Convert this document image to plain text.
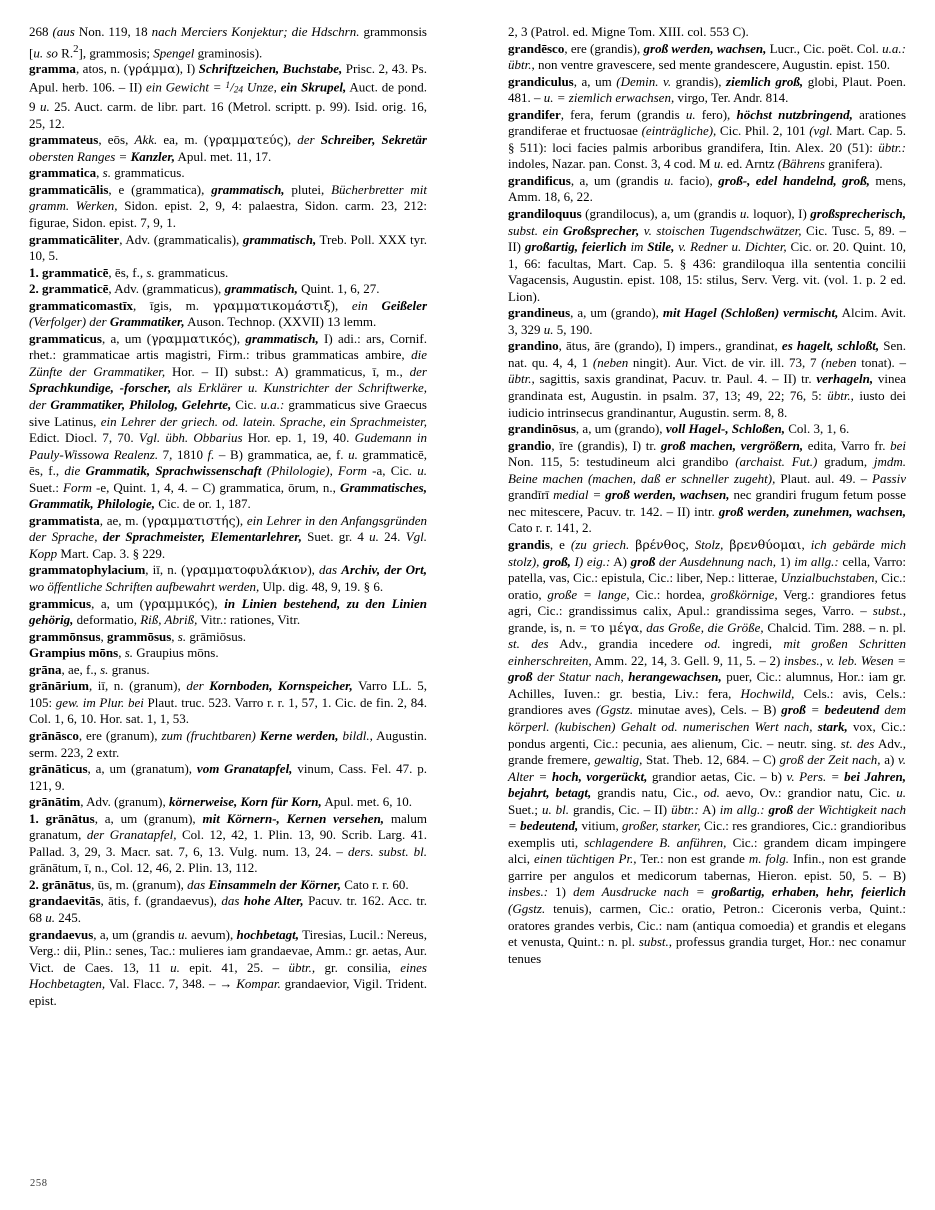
268 (aus Non. 119, 18 nach Merciers Konjektur; die Hdschrn. grammonsis [u. so R.$^2$], grammosis; Spengel graminosis).

gramma, atos, n. (γράμμα), I) Schriftzeichen, Buchstabe, Prisc. 2, 43. Ps. Apul. herb. 106. – II) ein Gewicht = $^1/_{24}$ Unze, ein Skrupel, Auct. de pond. 9 u. 25. Auct. carm. de libr. part. 16 (Metrol. scriptt. p. 99). Isid. orig. 16, 25, 12.

grammateus, eōs, Akk. ea, m. (γραμματεύς), der Schreiber, Sekretär obersten Ranges = Kanzler, Apul. met. 11, 17.

grammatica, s. grammaticus.

grammaticālis, e (grammatica), grammatisch, plutei, Bücherbretter mit gramm. Werken, Sidon. epist. 2, 9, 4: palaestra, Sidon. carm. 23, 212: figurae, Sidon. epist. 7, 9, 1.

grammaticāliter, Adv. (grammaticalis), grammatisch, Treb. Poll. XXX tyr. 10, 5.

1. grammaticē, ēs, f., s. grammaticus.

2. grammaticē, Adv. (grammaticus), grammatisch, Quint. 1, 6, 27.

grammaticomastīx, īgis, m. γραμματικομάστιξ), ein Geißeler (Verfolger) der Grammatiker, Auson. Technop. (XXVII) 13 lemm.

grammaticus, a, um (γραμματικός), grammatisch, I) adi.: ars, Cornif. rhet.: grammaticae artis magistri, Firm.: tribus grammaticas ambire, die Zünfte der Grammatiker, Hor. – II) subst.: A) grammaticus, ī, m., der Sprachkundige, -forscher, als Erklärer u. Kunstrichter der Schriftwerke, der Grammatiker, Philolog, Gelehrte, Cic. u.a.: grammaticus sive Graecus sive Latinus, ein Lehrer der griech. od. latein. Sprache, ein Sprachmeister, Edict. Diocl. 7, 70. Vgl. übh. Obbarius Hor. ep. 1, 19, 40. Gudemann in Pauly-Wissowa Realenz. 7, 1810 f. – B) grammatica, ae, f. u. grammaticē, ēs, f., die Grammatik, Sprachwissenschaft (Philologie), Form -a, Cic. u. Suet.: Form -e, Quint. 1, 4, 4. – C) grammatica, ōrum, n., Grammatisches, Grammatik, Philologie, Cic. de or. 1, 187.

grammatista, ae, m. (γραμματιστής), ein Lehrer in den Anfangsgründen der Sprache, der Sprachmeister, Elementarlehrer, Suet. gr. 4 u. 24. Vgl. Kopp Mart. Cap. 3. § 229.

grammatophylacium, iī, n. (γραμματοφυλάκιον), das Archiv, der Ort, wo öffentliche Schriften aufbewahrt werden, Ulp. dig. 48, 9, 19. § 6.

grammicus, a, um (γραμμικός), in Linien bestehend, zu den Linien gehörig, deformatio, Riß, Abriß, Vitr.: rationes, Vitr.

grammōnsus, grammōsus, s. grāmiōsus.

Grampius mōns, s. Graupius mōns.

grāna, ae, f., s. granus.

grānārium, iī, n. (granum), der Kornboden, Kornspeicher, Varro LL. 5, 105: gew. im Plur. bei Plaut. truc. 523. Varro r. r. 1, 57, 1. Cic. de fin. 2, 84. Col. 1, 6, 10. Hor. sat. 1, 1, 53.

grānāsco, ere (granum), zum (fruchtbaren) Kerne werden, bildl., Augustin. serm. 223, 2 extr.

grānāticus, a, um (granatum), vom Granatapfel, vinum, Cass. Fel. 47. p. 121, 9.

grānātim, Adv. (granum), körnerweise, Korn für Korn, Apul. met. 6, 10.

1. grānātus, a, um (granum), mit Körnern-, Kernen versehen, malum granatum, der Granatapfel, Col. 12, 42, 1. Plin. 13, 90. Scrib. Larg. 41. Pallad. 3, 29, 3. Macr. sat. 7, 6, 13. Vulg. num. 13, 24. – ders. subst. bl. grānātum, ī, n., Col. 12, 46, 2. Plin. 13, 112.

2. grānātus, ūs, m. (granum), das Einsammeln der Körner, Cato r. r. 60.

grandaevitās, ātis, f. (grandaevus), das hohe Alter, Pacuv. tr. 162. Acc. tr. 68 u. 245.

grandaevus, a, um (grandis u. aevum), hochbetagt, Tiresias, Lucil.: Nereus, Verg.: dii, Plin.: senes, Tac.: mulieres iam grandaevae, Amm.: gr. aetas, Aur. Vict. de Caes. 13, 11 u. epit. 41, 25. – übtr., gr. consilia, eines Hochbetagten, Val. Flacc. 7, 348. – → Kompar. grandaevior, Vigil. Trident. epist.

2, 3 (Patrol. ed. Migne Tom. XIII. col. 553 C).

grandēsco, ere (grandis), groß werden, wachsen, Lucr., Cic. poët. Col. u.a.: übtr., non ventre gravescere, sed mente grandescere, Augustin. epist. 150.

grandiculus, a, um (Demin. v. grandis), ziemlich groß, globi, Plaut. Poen. 481. – u. = ziemlich erwachsen, virgo, Ter. Andr. 814.

grandifer, fera, ferum (grandis u. fero), höchst nutzbringend, arationes grandiferae et fructuosae (einträgliche), Cic. Phil. 2, 101 (vgl. Mart. Cap. 5. § 511): loci facies palmis arboribus grandifera, Itin. Alex. 20 (51): übtr.: indoles, Nazar. pan. Const. 3, 4 cod. M u. ed. Arntz (Bährens granifera).

grandificus, a, um (grandis u. facio), groß-, edel handelnd, groß, mens, Amm. 18, 6, 22.

grandiloquus (grandilocus), a, um (grandis u. loquor), I) großsprecherisch, subst. ein Großsprecher, v. stoischen Tugendschwätzer, Cic. Tusc. 5, 89. – II) großartig, feierlich im Stile, v. Redner u. Dichter, Cic. or. 20. Quint. 10, 1, 66: facultas, Mart. Cap. 5. § 436: grandiloqua illa sententia concilii Vagacensis, Augustin. epist. 108, 15: stilus, Serv. Verg. vit. (vol. 1. p. 2 ed. Lion).

grandineus, a, um (grando), mit Hagel (Schloßen) vermischt, Alcim. Avit. 3, 329 u. 5, 190.

grandino, ātus, āre (grando), I) impers., grandinat, es hagelt, schloßt, Sen. nat. qu. 4, 4, 1 (neben ningit). Aur. Vict. de vir. ill. 73, 7 (neben tonat). – übtr., sagittis, saxis grandinat, Pacuv. tr. Paul. 4. – II) tr. verhageln, vinea grandinata est, Augustin. in psalm. 37, 13; 49, 22; 76, 5: übtr., iusto dei iudicio intrinsecus grandinantur, Augustin. serm. 8, 8.

grandinōsus, a, um (grando), voll Hagel-, Schloßen, Col. 3, 1, 6.

grandio, īre (grandis), I) tr. groß machen, vergrößern, edita, Varro fr. bei Non. 115, 5: testudineum alci grandibo (archaist. Fut.) gradum, jmdm. Beine machen (machen, daß er schneller zugeht), Plaut. aul. 49. – Passiv grandīrī medial = groß werden, wachsen, nec grandiri frugum fetum posse nec mitescere, Pacuv. tr. 142. – II) intr. groß werden, zunehmen, wachsen, Cato r. r. 141, 2.

grandis, e (zu griech. βρένθος, Stolz, βρενθύομαι, ich gebärde mich stolz), groß, I) eig.: A) groß der Ausdehnung nach, 1) im allg.: cella, Varro: patella, vas, Cic.: epistula, Cic.: liber, Nep.: litterae, Unzialbuchstaben, Cic.: oratio, große = lange, Cic.: hordea, großkörnige, Verg.: grandiores fetus agri, Cic.: grandissimus calix, Apul.: grandissima seges, Varro. – subst., grande, is, n. = το μέγα, das Große, die Größe, Chalcid. Tim. 288. – n. pl. st. des Adv., grandia incedere od. ingredi, mit großen Schritten einherschreiten, Amm. 22, 14, 3. Gell. 9, 11, 5. – 2) insbes., v. leb. Wesen = groß der Statur nach, herangewachsen, puer, Cic.: alumnus, Hor.: iam gr. Achilles, Iuven.: gr. bestia, Liv.: fera, Hochwild, Cels.: avis, Cels.: grandiores aves (Ggstz. minutae aves), Cels. – B) groß = bedeutend dem körperl. (kubischen) Gehalt od. numerischen Wert nach, stark, vox, Cic.: pondus argenti, Cic.: pecunia, aes alienum, Cic. – neutr. sing. st. des Adv., grande fremere, gewaltig, Stat. Theb. 12, 684. – C) groß der Zeit nach, a) v. Alter = hoch, vorgerückt, grandior aetas, Cic. – b) v. Pers. = bei Jahren, bejahrt, betagt, grandis natu, Cic., od. aevo, Ov.: grandior natu, Cic. u. Suet.; u. bl. grandis, Cic. – II) übtr.: A) im allg.: groß der Wichtigkeit nach = bedeutend, vitium, großer, starker, Cic.: res grandiores, Cic.: grandioribus exemplis uti, schlagendere B. anführen, Cic.: grandem dicam impingere alci, einen tüchtigen Pr., Ter.: non est grande m. folg. Infin., non est grande garrire per angulos et medicorum tabernas, Hieron. epist. 50, 5. – B) insbes.: 1) dem Ausdrucke nach = großartig, erhaben, hehr, feierlich (Ggstz. tenuis), carmen, Cic.: oratio, Petron.: Ciceronis verba, Quint.: oratores grandes verbis, Cic.: nam (antiqua comoedia) et grandis et elegans et venusta, Quint.: n. pl. subst., professus grandia turget, Hor.: nec conamur tenues

258
